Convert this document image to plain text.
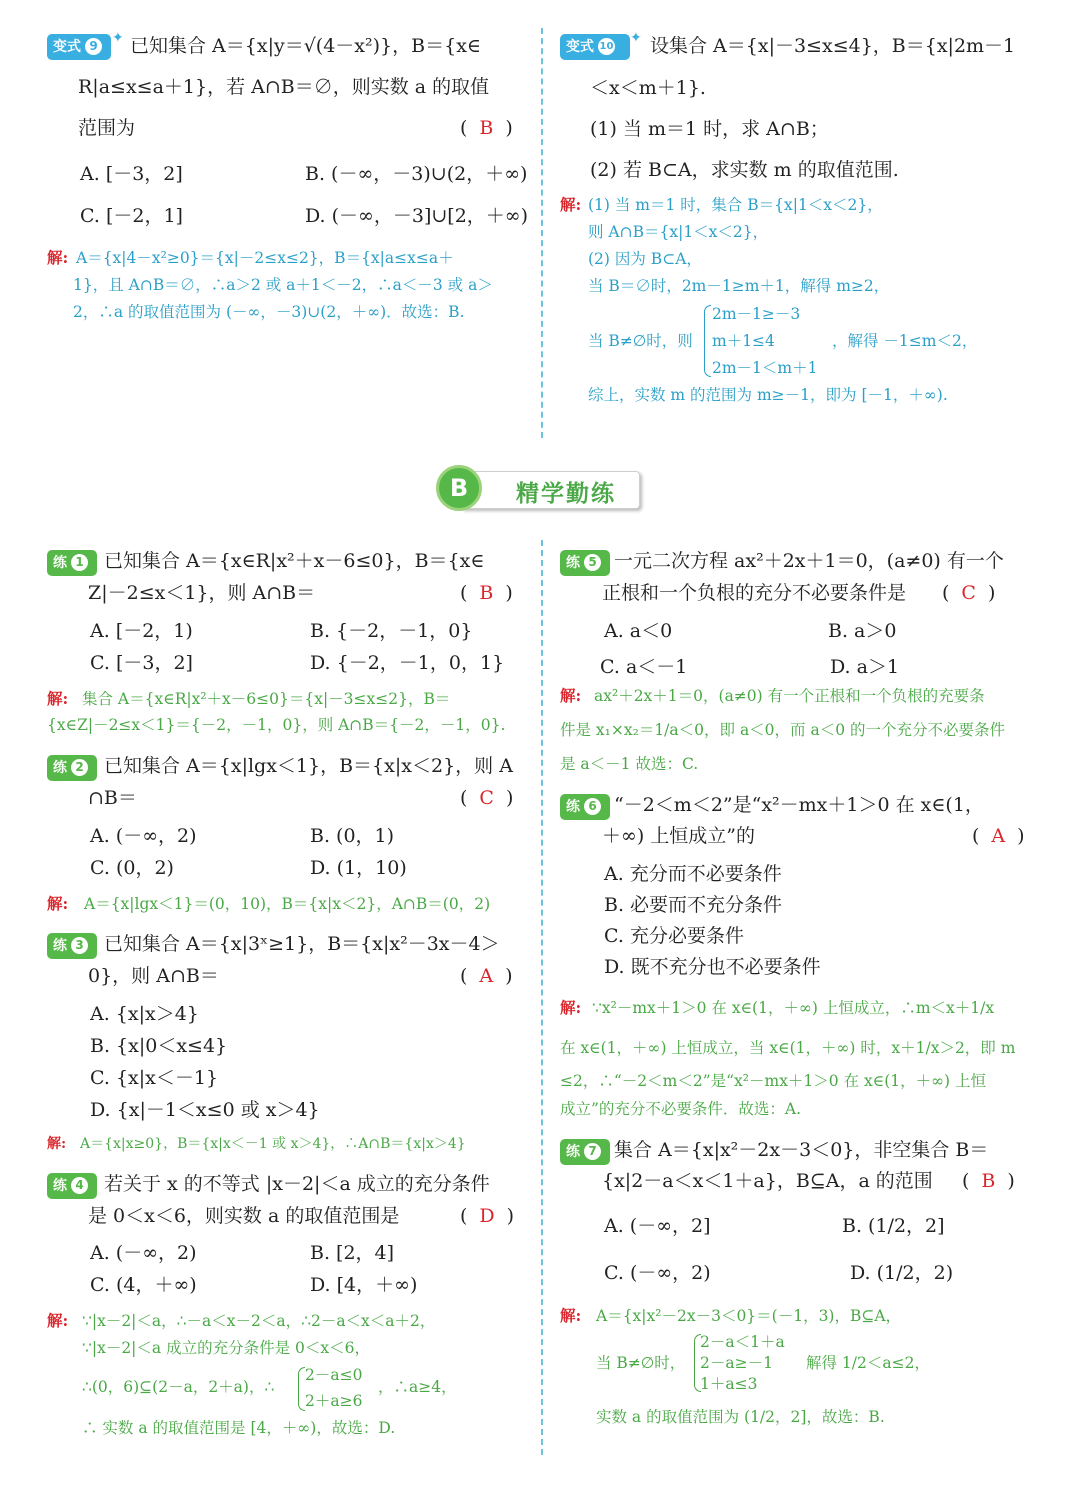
变式 9	✦ 已知集合 A＝{x|y＝√(4－x²)}，B＝{x∈
R|a≤x≤a＋1}，若 A∩B＝∅，则实数 a 的取值
范围为	( B )
A. [－3，2]	B. (－∞，－3)∪(2，＋∞)
C. [－2，1]	D. (－∞，－3]∪[2，＋∞)
解: A＝{x|4－x²≥0}＝{x|－2≤x≤2}，B＝{x|a≤x≤a＋
1}，且 A∩B＝∅，∴a＞2 或 a＋1＜－2，∴a＜－3 或 a＞
2，∴a 的取值范围为 (－∞，－3)∪(2，＋∞)．故选：B.
变式 10	✦ 设集合 A＝{x|－3≤x≤4}，B＝{x|2m－1
＜x＜m＋1}.
(1) 当 m＝1 时，求 A∩B；
(2) 若 B⊂A，求实数 m 的取值范围.
解: (1) 当 m＝1 时，集合 B＝{x|1＜x＜2}，
则 A∩B＝{x|1＜x＜2}，
(2) 因为 B⊂A，
当 B＝∅时，2m－1≥m＋1，解得 m≥2，
当 B≠∅时，则
2m－1≥－3
m＋1≤4
2m－1＜m＋1
，解得 －1≤m＜2，
综上，实数 m 的范围为 m≥－1，即为 [－1，＋∞).
B	精学勤练
练 1	已知集合 A＝{x∈R|x²＋x－6≤0}，B＝{x∈
Z|－2≤x＜1}，则 A∩B＝	( B )
A. [－2，1)	B. {－2，－1，0}
C. [－3，2]	D. {－2，－1，0，1}
解: 集合 A＝{x∈R|x²＋x－6≤0}＝{x|－3≤x≤2}，B＝
{x∈Z|－2≤x＜1}＝{－2，－1，0}，则 A∩B＝{－2，－1，0}.
练 2	已知集合 A＝{x|lgx＜1}，B＝{x|x＜2}，则 A
∩B＝	( C )
A. (－∞，2)	B. (0，1)
C. (0，2)	D. (1，10)
解: A＝{x|lgx＜1}＝(0，10)，B＝{x|x＜2}，A∩B＝(0，2)
练 3	已知集合 A＝{x|3ˣ≥1}，B＝{x|x²－3x－4＞
0}，则 A∩B＝	( A )
A. {x|x＞4}
B. {x|0＜x≤4}
C. {x|x＜－1}
D. {x|－1＜x≤0 或 x＞4}
解: A＝{x|x≥0}，B＝{x|x＜－1 或 x＞4}，∴A∩B＝{x|x＞4}
练 4	若关于 x 的不等式 |x－2|＜a 成立的充分条件
是 0＜x＜6，则实数 a 的取值范围是	( D )
A. (－∞，2)	B. [2，4]
C. (4，＋∞)	D. [4，＋∞)
解: ∵|x－2|＜a，∴－a＜x－2＜a，∴2－a＜x＜a＋2，
∵|x－2|＜a 成立的充分条件是 0＜x＜6，
∴(0，6)⊆(2－a，2＋a)，∴
2－a≤0
2＋a≥6
，∴a≥4，
∴ 实数 a 的取值范围是 [4，＋∞)，故选：D.
练 5 一元二次方程 ax²＋2x＋1＝0，(a≠0) 有一个
正根和一个负根的充分不必要条件是 ( C )
A. a＜0	B. a＞0
C. a＜－1	D. a＞1
解: ax²＋2x＋1＝0，(a≠0) 有一个正根和一个负根的充要条
件是 x₁×x₂＝1/a＜0，即 a＜0，而 a＜0 的一个充分不必要条件
是 a＜－1 故选：C.
练 6 “－2＜m＜2”是“x²－mx＋1＞0 在 x∈(1，
＋∞) 上恒成立”的	( A )
A. 充分而不必要条件
B. 必要而不充分条件
C. 充分必要条件
D. 既不充分也不必要条件
解: ∵x²－mx＋1＞0 在 x∈(1，＋∞) 上恒成立，∴m＜x＋1/x
在 x∈(1，＋∞) 上恒成立，当 x∈(1，＋∞) 时，x＋1/x＞2，即 m
≤2，∴“－2＜m＜2”是“x²－mx＋1＞0 在 x∈(1，＋∞) 上恒
成立”的充分不必要条件．故选：A.
练 7 集合 A＝{x|x²－2x－3＜0}，非空集合 B＝
{x|2－a＜x＜1＋a}，B⊆A，a 的范围 ( B )
A. (－∞，2]	B. (1/2，2]
C. (－∞，2)	D. (1/2，2)
解: A＝{x|x²－2x－3＜0}＝(－1，3)，B⊆A，
当 B≠∅时，
2－a＜1＋a
2－a≥－1
1＋a≤3
解得 1/2＜a≤2，
实数 a 的取值范围为 (1/2，2]，故选：B.
